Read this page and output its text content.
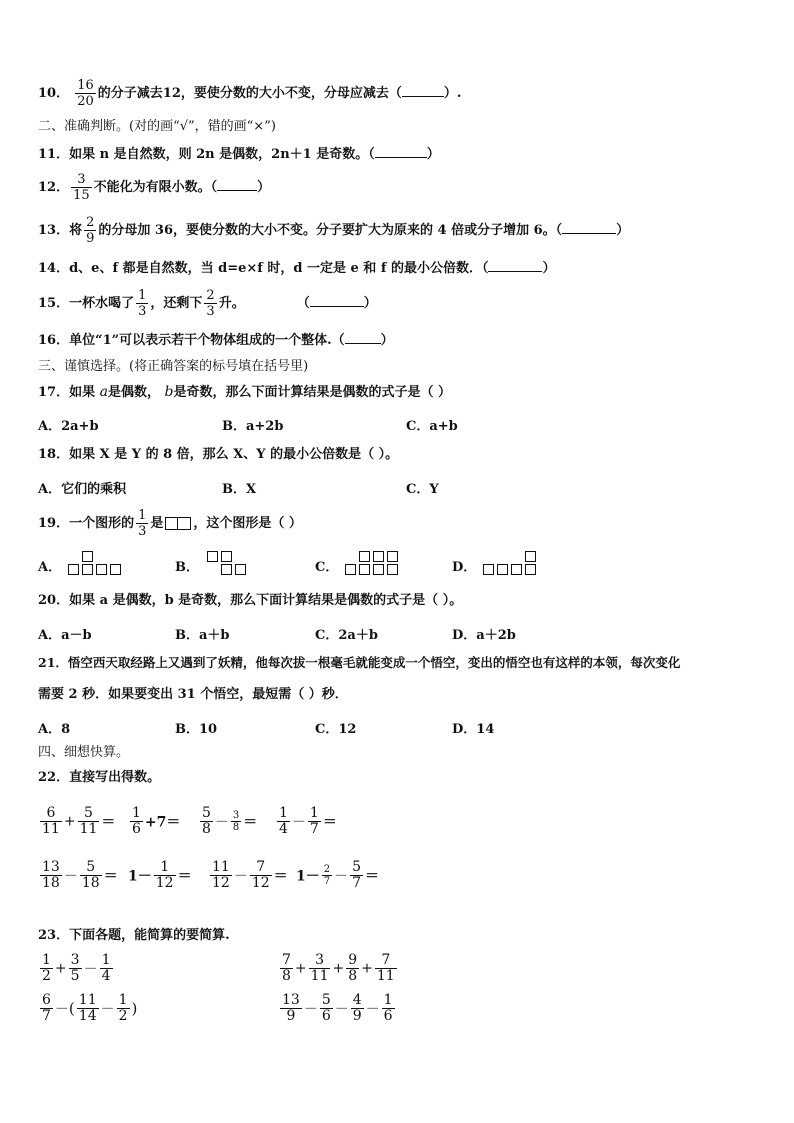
10． $\frac{16}{20}$ 的分子减去12，要使分数的大小不变，分母应减去（	）.
二、准确判断。(对的画“√”，错的画“×”)
11．如果 n 是自然数，则 2n 是偶数，2n＋1 是奇数。（	）
12． $\frac{3}{15}$ 不能化为有限小数。（	）
13．将 $\frac{2}{9}$ 的分母加 36，要使分数的大小不变。分子要扩大为原来的 4 倍或分子增加 6。（	）
14．d、e、f 都是自然数，当 d=e×f 时，d 一定是 e 和 f 的最小公倍数．（	）
15．一杯水喝了 $\frac{1}{3}$ ，还剩下 $\frac{2}{3}$ 升。	（	）
16．单位“1”可以表示若干个物体组成的一个整体.（	）
三、谨慎选择。(将正确答案的标号填在括号里)
17．如果 a是偶数， b是奇数，那么下面计算结果是偶数的式子是（ ）
A．2a+b	B．a+2b	C．a+b
18．如果 X 是 Y 的 8 倍，那么 X、Y 的最小公倍数是（ ）。
A．它们的乘积	B．X	C．Y
19．一个图形的 $\frac{1}{3}$ 是 ，这个图形是（ ）
A．	B．	C．	D．
20．如果 a 是偶数，b 是奇数，那么下面计算结果是偶数的式子是（ ）。
A．a－b	B．a＋b	C．2a＋b	D．a＋2b
21．悟空西天取经路上又遇到了妖精，他每次拔一根毫毛就能变成一个悟空，变出的悟空也有这样的本领，每次变化
需要 2 秒．如果要变出 31 个悟空，最短需（ ）秒．
A．8	B．10	C．12	D．14
四、细想快算。
22．直接写出得数。
$\frac{6}{11} + \frac{5}{11} = \frac{1}{6} +7= \frac{5}{8} - \frac{3}{8} = \frac{1}{4} - \frac{1}{7}$ ＝
$\frac{13}{18} - \frac{5}{18} = 1- \frac{1}{12} = \frac{11}{12} - \frac{7}{12} = 1- \frac{2}{7} - \frac{5}{7}$ ＝
23．下面各题，能简算的要简算.
$\frac{1}{2} + \frac{3}{5} - \frac{1}{4}$	$\frac{7}{8} + \frac{3}{11} + \frac{9}{8} + \frac{7}{11}$
$\frac{6}{7}$ －( $\frac{11}{14} - \frac{1}{2}$ )	$\frac{13}{9} - \frac{5}{6} - \frac{4}{9} - \frac{1}{6}$
